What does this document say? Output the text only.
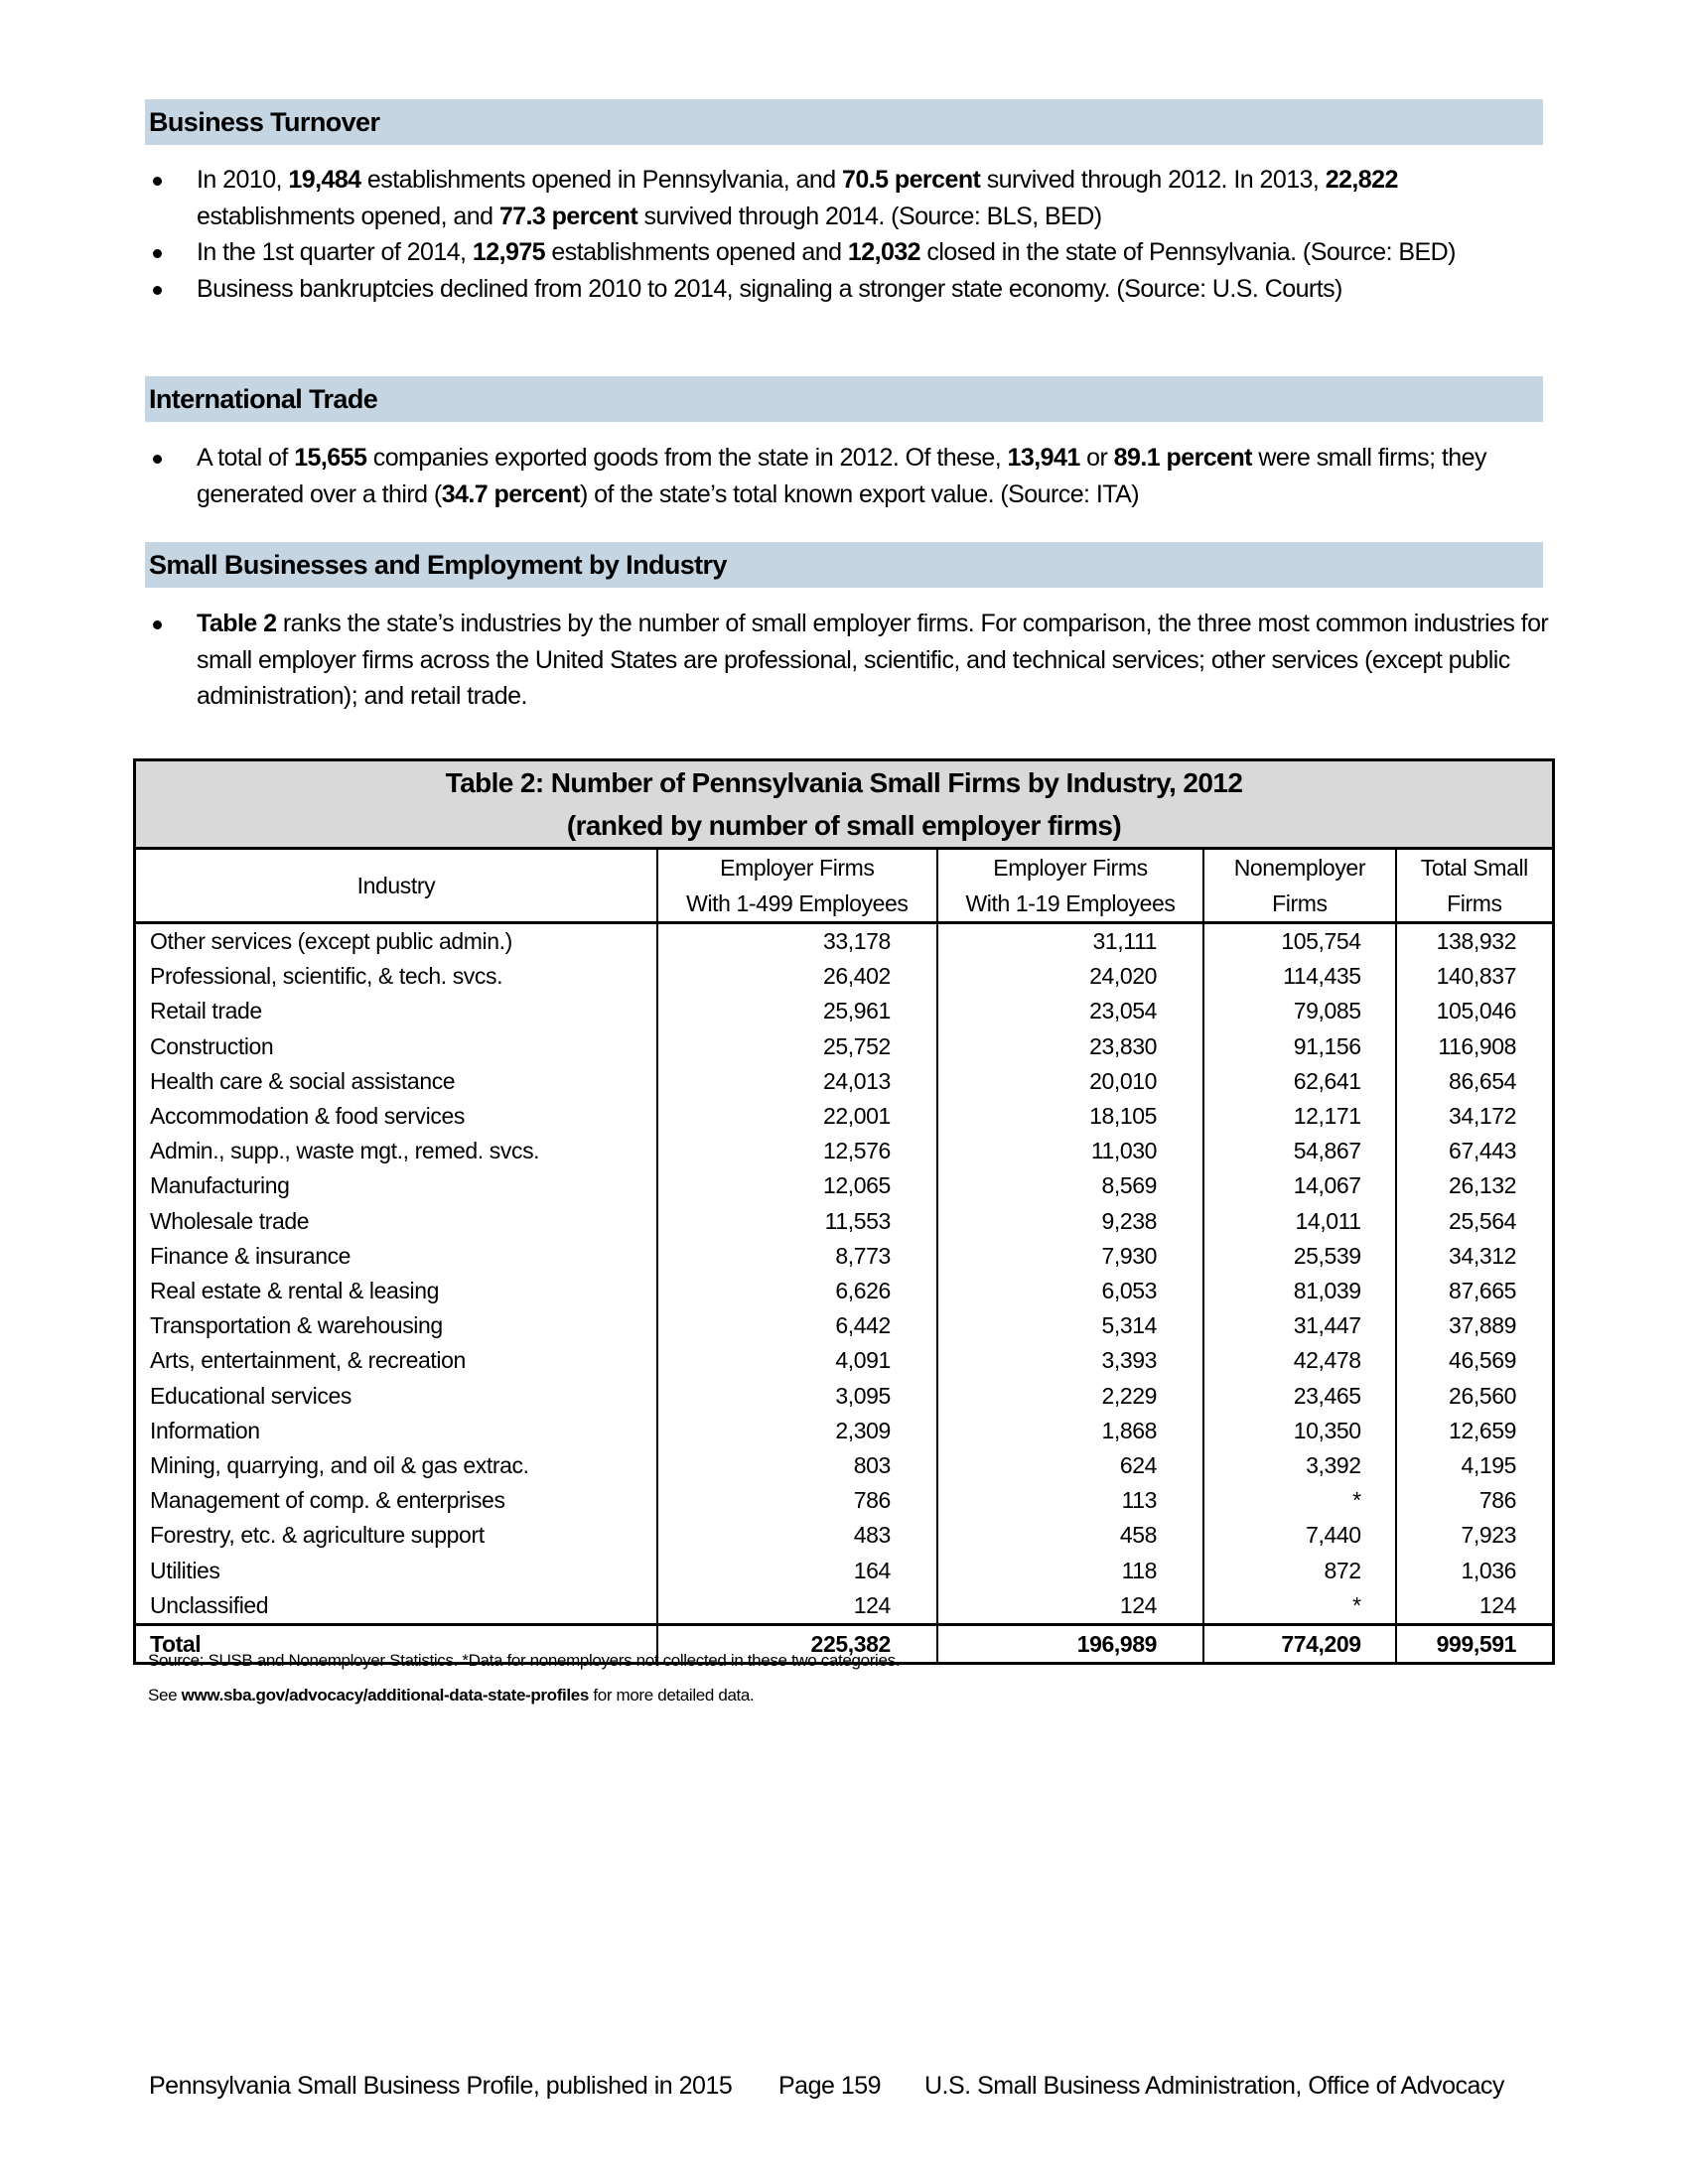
Business Turnover
In 2010, 19,484 establishments opened in Pennsylvania, and 70.5 percent survived through 2012. In 2013, 22,822 establishments opened, and 77.3 percent survived through 2014. (Source: BLS, BED)
In the 1st quarter of 2014, 12,975 establishments opened and 12,032 closed in the state of Pennsylvania. (Source: BED)
Business bankruptcies declined from 2010 to 2014, signaling a stronger state economy. (Source: U.S. Courts)
International Trade
A total of 15,655 companies exported goods from the state in 2012. Of these, 13,941 or 89.1 percent were small firms; they generated over a third (34.7 percent) of the state’s total known export value. (Source: ITA)
Small Businesses and Employment by Industry
Table 2 ranks the state’s industries by the number of small employer firms. For comparison, the three most common industries for small employer firms across the United States are professional, scientific, and technical services; other services (except public administration); and retail trade.
Table 2: Number of Pennsylvania Small Firms by Industry, 2012
(ranked by number of small employer firms)				

Industry	
Employer Firms
With 1-499 Employees

Employer Firms
With 1-19 Employees

Nonemployer
Firms

Total Small
Firms

Other services (except public admin.)	33,178	31,111	105,754	138,932
Professional, scientific, & tech. svcs.	26,402	24,020	114,435	140,837
Retail trade	25,961	23,054	79,085	105,046
Construction	25,752	23,830	91,156	116,908
Health care & social assistance	24,013	20,010	62,641	86,654
Accommodation & food services	22,001	18,105	12,171	34,172
Admin., supp., waste mgt., remed. svcs.	12,576	11,030	54,867	67,443
Manufacturing	12,065	8,569	14,067	26,132
Wholesale trade	11,553	9,238	14,011	25,564
Finance & insurance	8,773	7,930	25,539	34,312
Real estate & rental & leasing	6,626	6,053	81,039	87,665
Transportation & warehousing	6,442	5,314	31,447	37,889
Arts, entertainment, & recreation	4,091	3,393	42,478	46,569
Educational services	3,095	2,229	23,465	26,560
Information	2,309	1,868	10,350	12,659
Mining, quarrying, and oil & gas extrac.	803	624	3,392	4,195
Management of comp. & enterprises	786	113	*	786
Forestry, etc. & agriculture support	483	458	7,440	7,923
Utilities	164	118	872	1,036
Unclassified	124	124	*	124
Total	225,382	196,989	774,209	999,591
Source: SUSB and Nonemployer Statistics. *Data for nonemployers not collected in these two categories.
See www.sba.gov/advocacy/additional-data-state-profiles for more detailed data.
Pennsylvania Small Business Profile, published in 2015 Page 159 U.S. Small Business Administration, Office of Advocacy
